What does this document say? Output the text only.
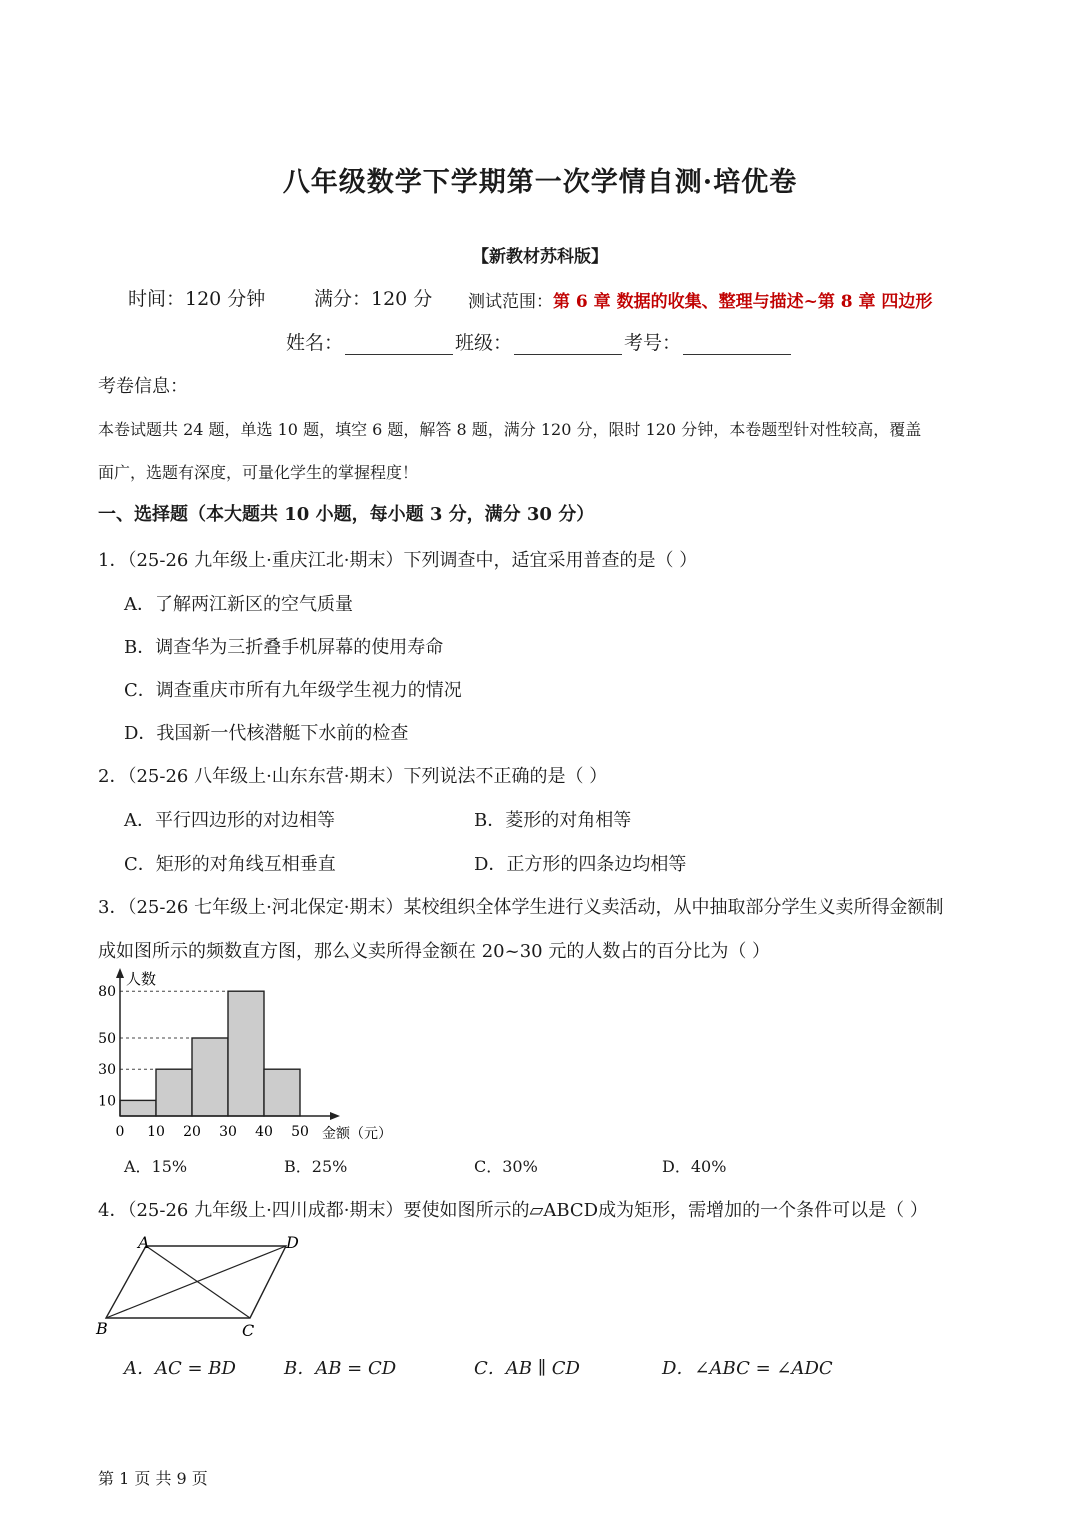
八年级数学下学期第一次学情自测·培优卷
【新教材苏科版】
时间：120 分钟	满分：120 分 测试范围：第 6 章 数据的收集、整理与描述~第 8 章 四边形
姓名：	班级：	考号：
考卷信息：
本卷试题共 24 题，单选 10 题，填空 6 题，解答 8 题，满分 120 分，限时 120 分钟，本卷题型针对性较高，覆盖
面广，选题有深度，可量化学生的掌握程度！
一、选择题（本大题共 10 小题，每小题 3 分，满分 30 分）
1．（25-26 九年级上·重庆江北·期末）下列调查中，适宜采用普查的是（ ）
A．了解两江新区的空气质量
B．调查华为三折叠手机屏幕的使用寿命
C．调查重庆市所有九年级学生视力的情况
D．我国新一代核潜艇下水前的检查
2．（25-26 八年级上·山东东营·期末）下列说法不正确的是（ ）
A．平行四边形的对边相等	B．菱形的对角相等
C．矩形的对角线互相垂直	D．正方形的四条边均相等
3．（25-26 七年级上·河北保定·期末）某校组织全体学生进行义卖活动，从中抽取部分学生义卖所得金额制
成如图所示的频数直方图，那么义卖所得金额在 20~30 元的人数占的百分比为（ ）
人数
金额（元）
10
30
50
80
0 10 20 30 40 50
A．15%	B．25%	C．30%	D．40%
4．（25-26 九年级上·四川成都·期末）要使如图所示的▱ABCD成为矩形，需增加的一个条件可以是（ ）
A	D
B	C
A．AC = BD	B．AB = CD	C．AB ∥ CD	D．∠ABC = ∠ADC
第 1 页 共 9 页
